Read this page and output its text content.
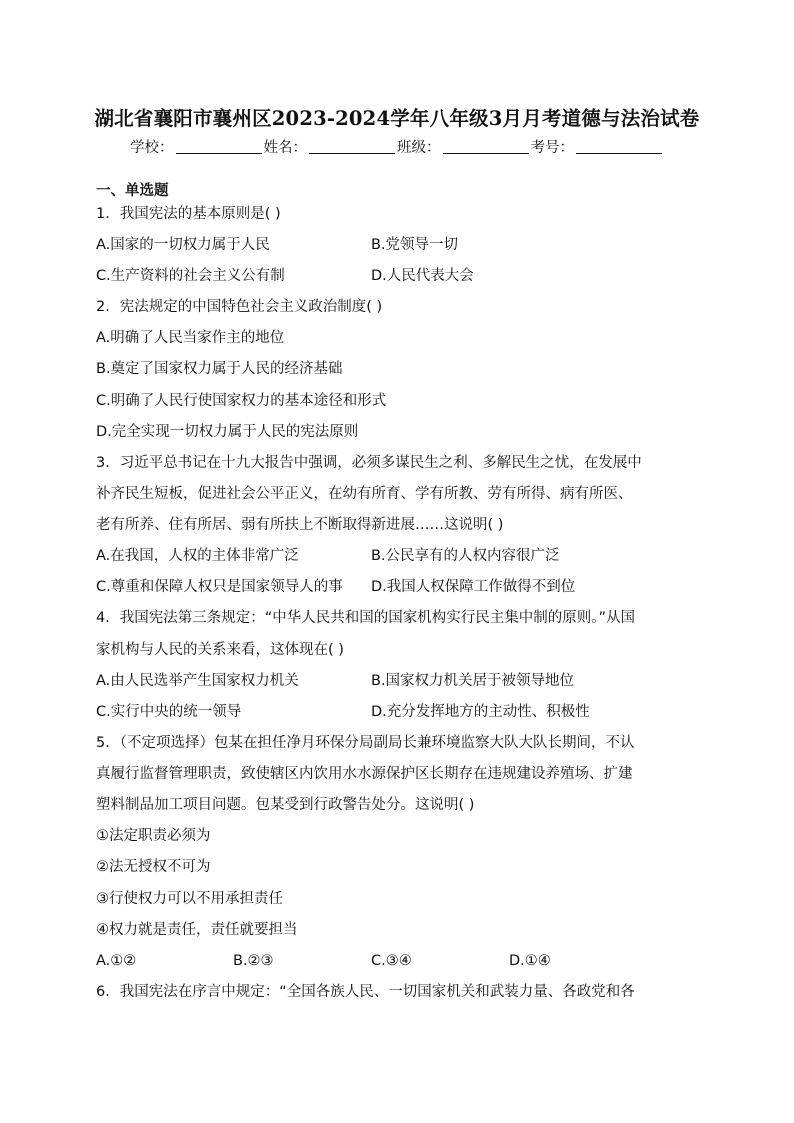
湖北省襄阳市襄州区2023-2024学年八年级3月月考道德与法治试卷
学校：	姓名：	班级：	考号：
一、单选题
1．我国宪法的基本原则是( )
A.国家的一切权力属于人民	B.党领导一切
C.生产资料的社会主义公有制	D.人民代表大会
2．宪法规定的中国特色社会主义政治制度( )
A.明确了人民当家作主的地位
B.奠定了国家权力属于人民的经济基础
C.明确了人民行使国家权力的基本途径和形式
D.完全实现一切权力属于人民的宪法原则
3．习近平总书记在十九大报告中强调，必须多谋民生之利、多解民生之忧，在发展中
补齐民生短板，促进社会公平正义，在幼有所育、学有所教、劳有所得、病有所医、
老有所养、住有所居、弱有所扶上不断取得新进展……这说明( )
A.在我国，人权的主体非常广泛	B.公民享有的人权内容很广泛
C.尊重和保障人权只是国家领导人的事 D.我国人权保障工作做得不到位
4．我国宪法第三条规定：“中华人民共和国的国家机构实行民主集中制的原则。”从国
家机构与人民的关系来看，这体现在( )
A.由人民选举产生国家权力机关	B.国家权力机关居于被领导地位
C.实行中央的统一领导	D.充分发挥地方的主动性、积极性
5．（不定项选择）包某在担任净月环保分局副局长兼环境监察大队大队长期间，不认
真履行监督管理职责，致使辖区内饮用水水源保护区长期存在违规建设养殖场、扩建
塑料制品加工项目问题。包某受到行政警告处分。这说明( )
①法定职责必须为
②法无授权不可为
③行使权力可以不用承担责任
④权力就是责任，责任就要担当
A.①②	B.②③	C.③④	D.①④
6．我国宪法在序言中规定：“全国各族人民、一切国家机关和武装力量、各政党和各
